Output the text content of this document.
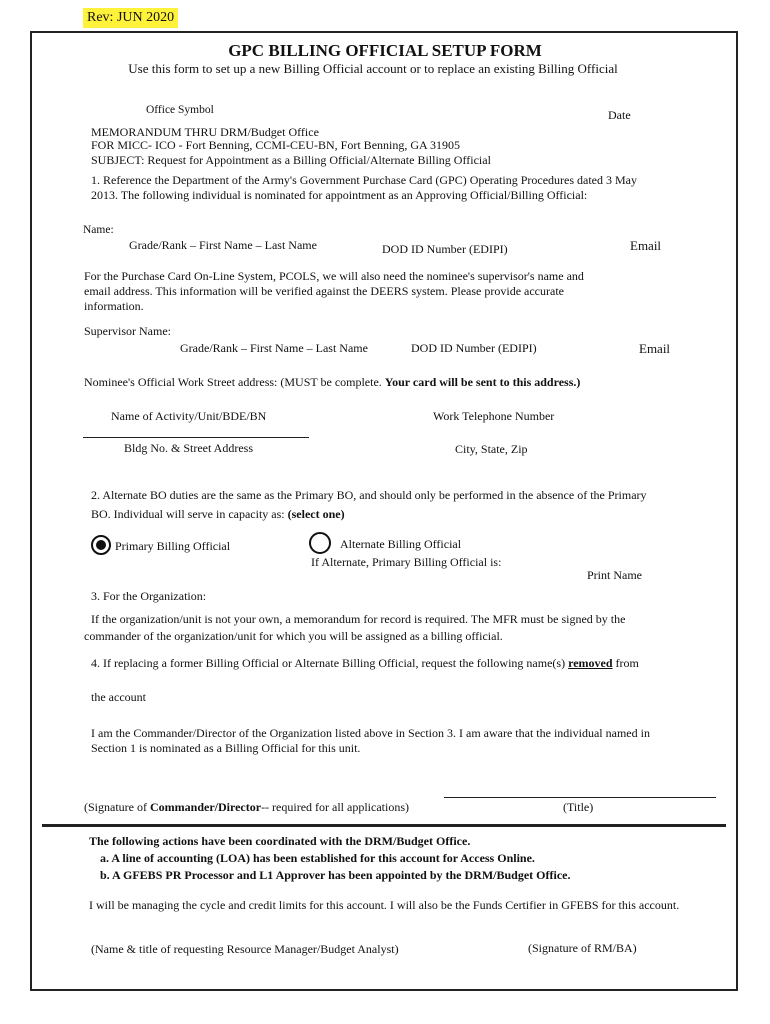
Rev: JUN 2020
GPC BILLING OFFICIAL SETUP FORM
Use this form to set up a new Billing Official account or to replace an existing Billing Official
Office Symbol	Date
MEMORANDUM THRU DRM/Budget Office
FOR MICC- ICO - Fort Benning, CCMI-CEU-BN, Fort Benning, GA 31905
SUBJECT: Request for Appointment as a Billing Official/Alternate Billing Official
1. Reference the Department of the Army's Government Purchase Card (GPC) Operating Procedures dated 3 May
2013. The following individual is nominated for appointment as an Approving Official/Billing Official:
Name:
Grade/Rank – First Name – Last Name	DOD ID Number (EDIPI)	Email
For the Purchase Card On-Line System, PCOLS, we will also need the nominee's supervisor's name and
email address. This information will be verified against the DEERS system. Please provide accurate
information.
Supervisor Name:
Grade/Rank – First Name – Last Name	DOD ID Number (EDIPI)	Email
Nominee's Official Work Street address: (MUST be complete. Your card will be sent to this address.)
Name of Activity/Unit/BDE/BN	Work Telephone Number
Bldg No. & Street Address	City, State, Zip
2. Alternate BO duties are the same as the Primary BO, and should only be performed in the absence of the Primary
BO. Individual will serve in capacity as: (select one)
Primary Billing Official	Alternate Billing Official
If Alternate, Primary Billing Official is:
Print Name
3. For the Organization:
If the organization/unit is not your own, a memorandum for record is required. The MFR must be signed by the
commander of the organization/unit for which you will be assigned as a billing official.
4. If replacing a former Billing Official or Alternate Billing Official, request the following name(s) removed from
the account
I am the Commander/Director of the Organization listed above in Section 3. I am aware that the individual named in
Section 1 is nominated as a Billing Official for this unit.
(Signature of Commander/Director-- required for all applications)	(Title)
The following actions have been coordinated with the DRM/Budget Office.
a. A line of accounting (LOA) has been established for this account for Access Online.
b. A GFEBS PR Processor and L1 Approver has been appointed by the DRM/Budget Office.
I will be managing the cycle and credit limits for this account. I will also be the Funds Certifier in GFEBS for this account.
(Name & title of requesting Resource Manager/Budget Analyst)	(Signature of RM/BA)
